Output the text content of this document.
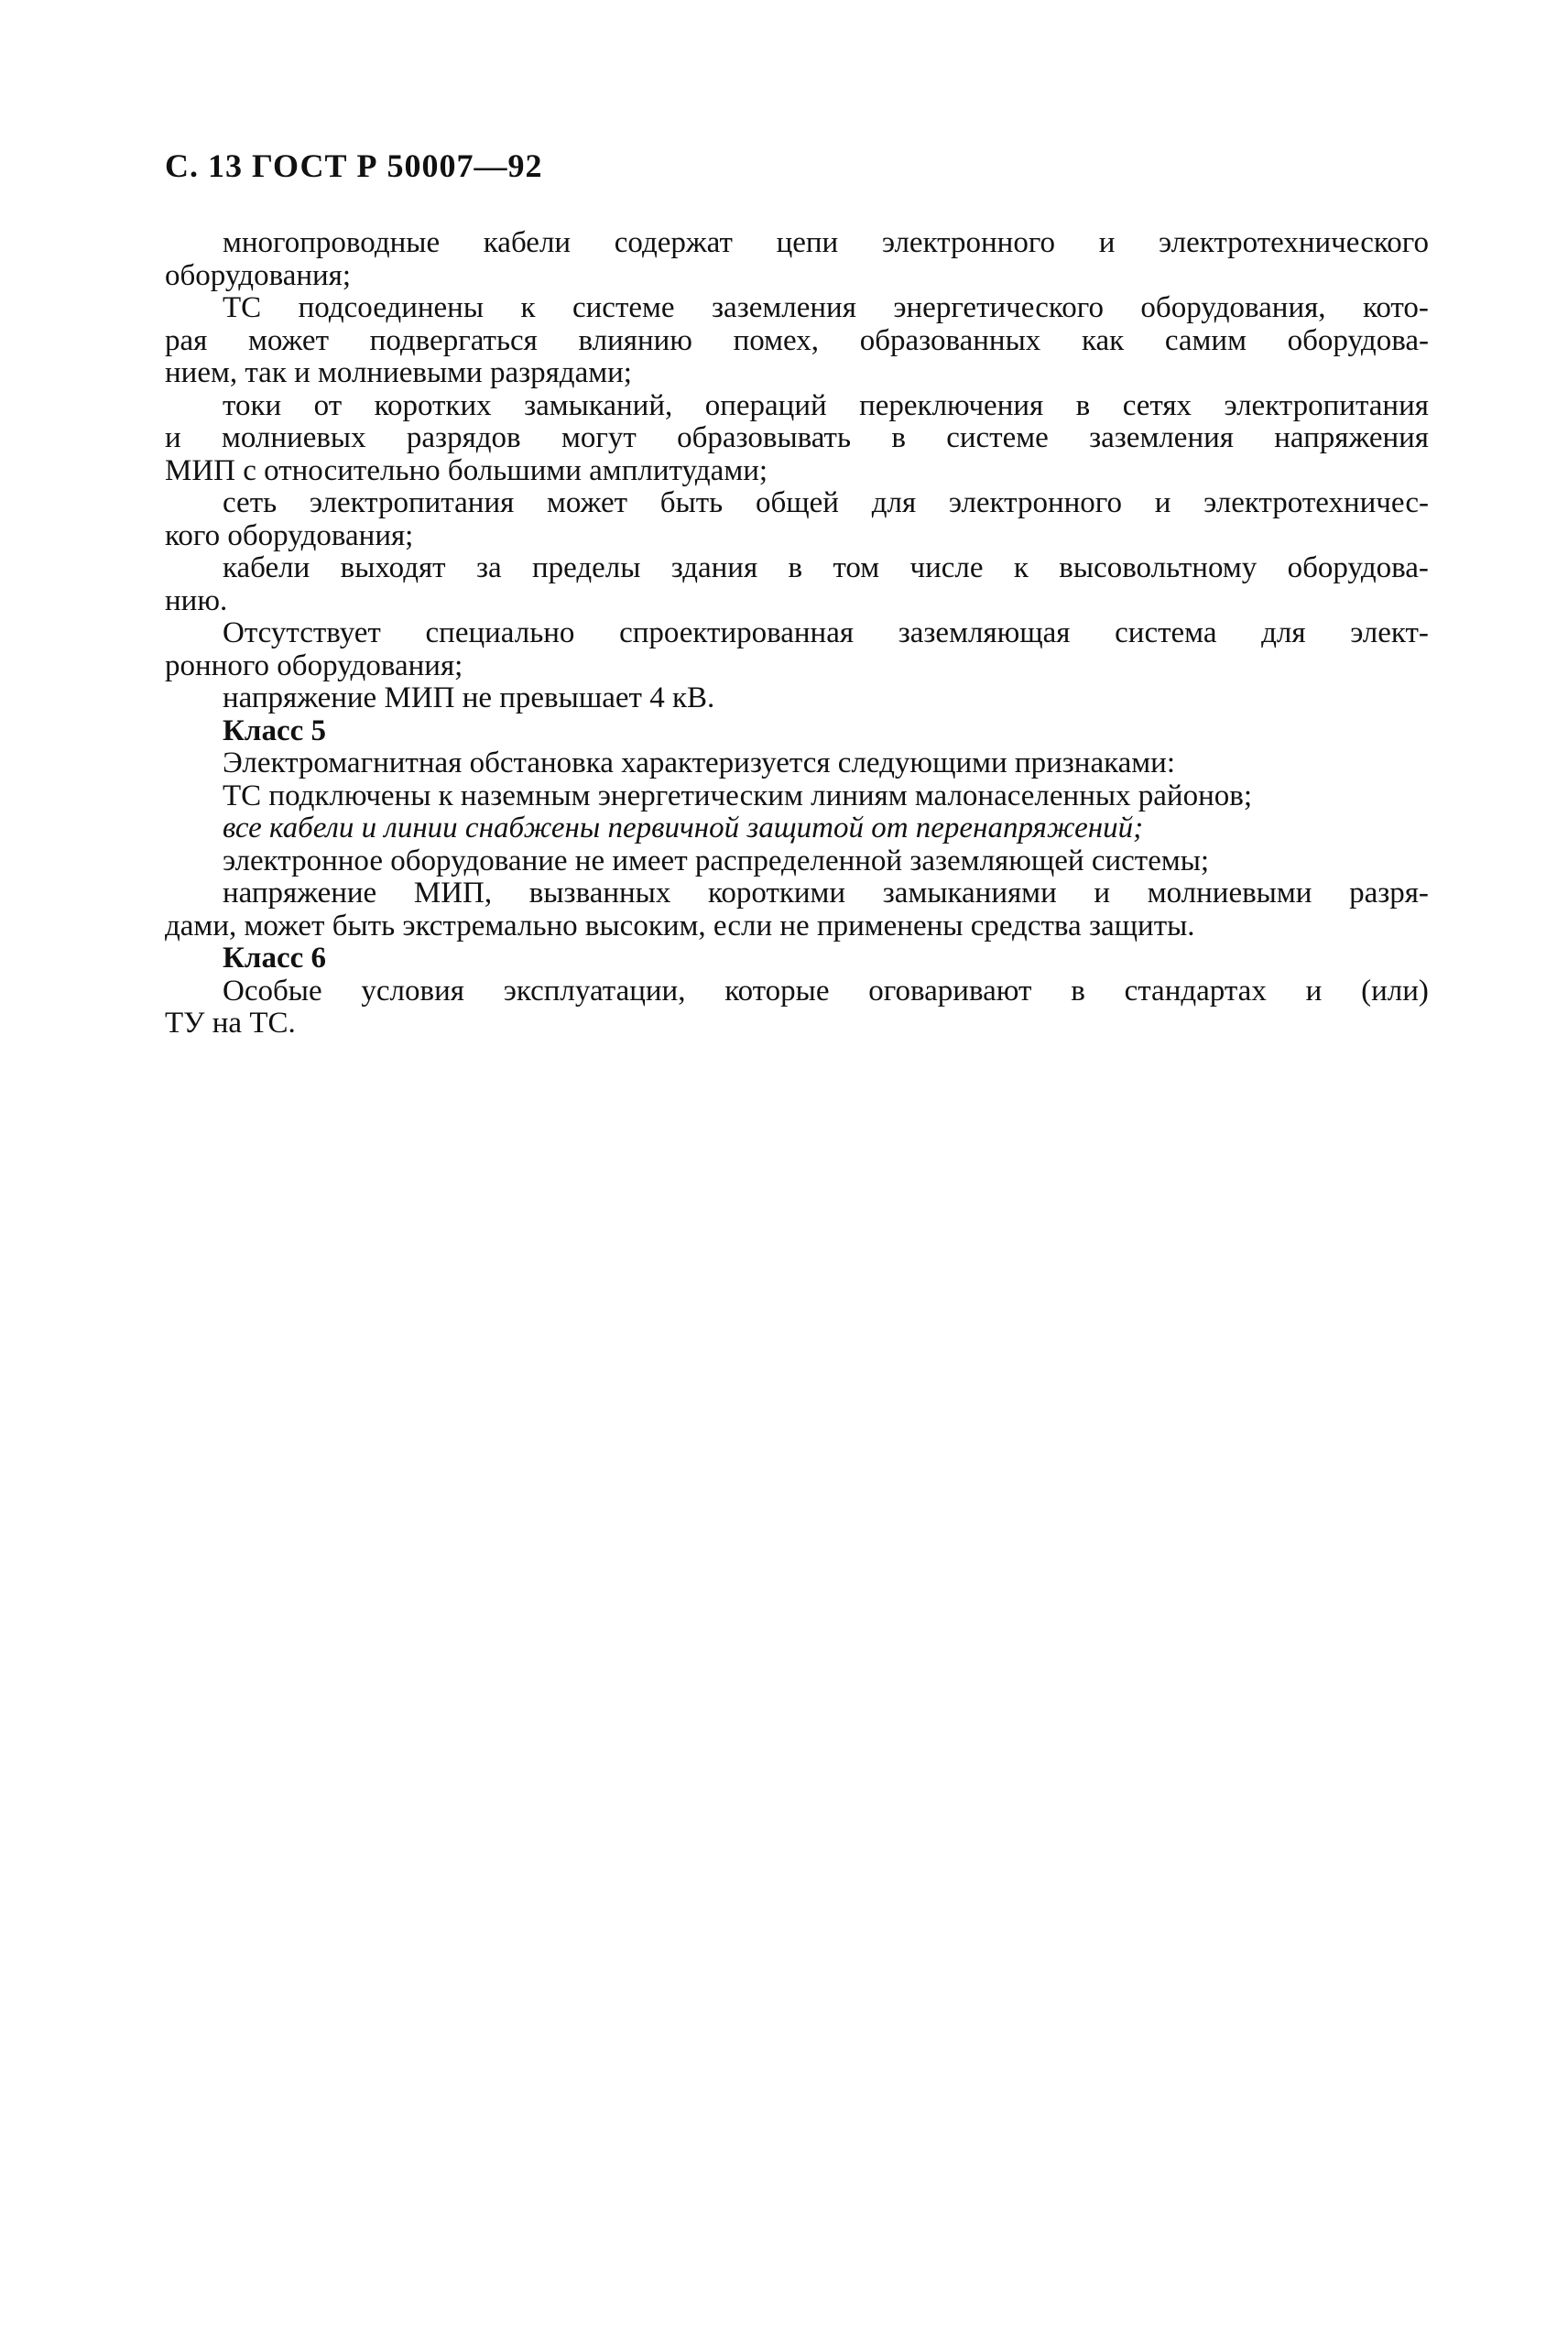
С. 13 ГОСТ Р 50007—92
многопроводные кабели содержат цепи электронного и электротехнического
оборудования;
ТС подсоединены к системе заземления энергетического оборудования, кото-
рая может подвергаться влиянию помех, образованных как самим оборудова-
нием, так и молниевыми разрядами;
токи от коротких замыканий, операций переключения в сетях электропитания
и молниевых разрядов могут образовывать в системе заземления напряжения
МИП с относительно большими амплитудами;
сеть электропитания может быть общей для электронного и электротехничес-
кого оборудования;
кабели выходят за пределы здания в том числе к высовольтному оборудова-
нию.
Отсутствует специально спроектированная заземляющая система для элект-
ронного оборудования;
напряжение МИП не превышает 4 кВ.
Класс 5
Электромагнитная обстановка характеризуется следующими признаками:
ТС подключены к наземным энергетическим линиям малонаселенных районов;
все кабели и линии снабжены первичной защитой от перенапряжений;
электронное оборудование не имеет распределенной заземляющей системы;
напряжение МИП, вызванных короткими замыканиями и молниевыми разря-
дами, может быть экстремально высоким, если не применены средства защиты.
Класс 6
Особые условия эксплуатации, которые оговаривают в стандартах и (или)
ТУ на ТС.
